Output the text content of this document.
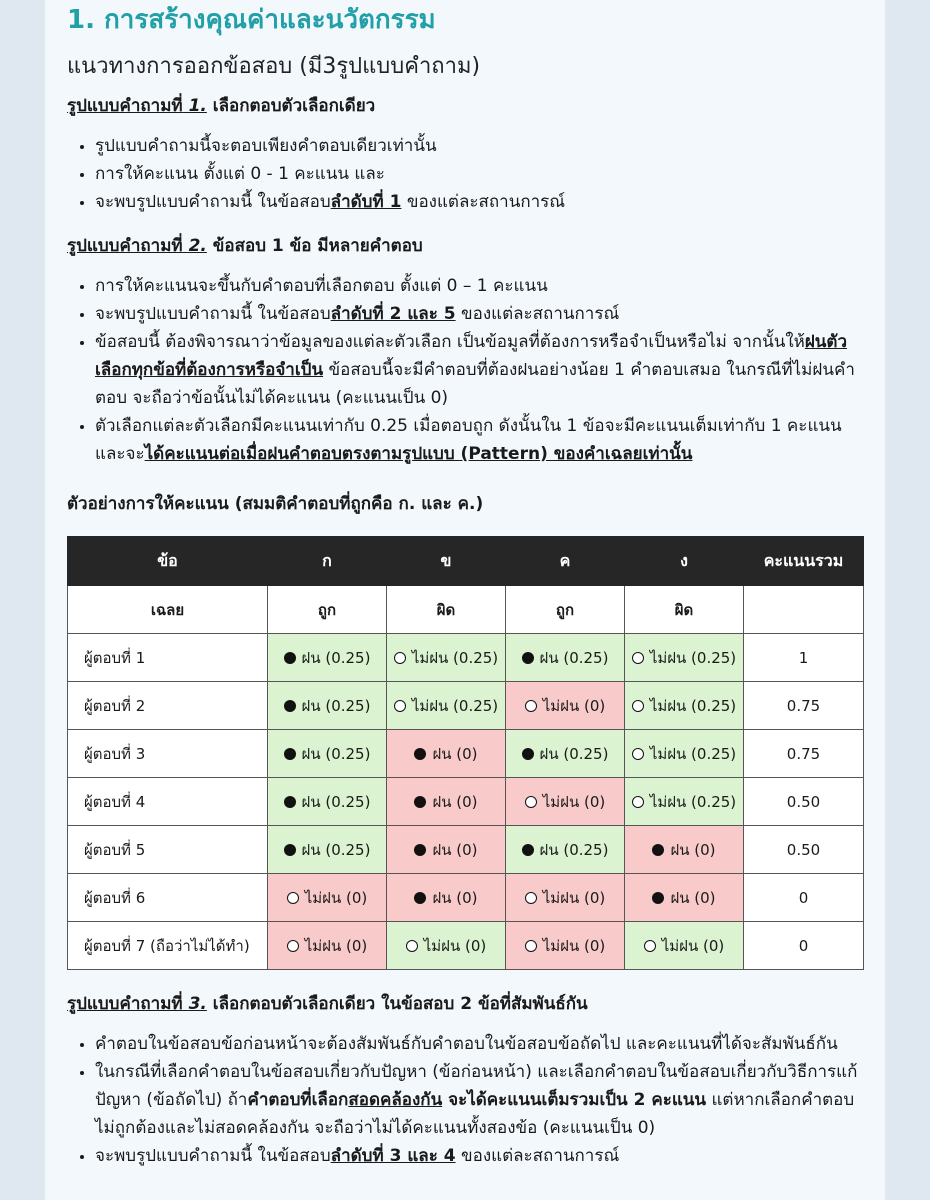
1. การสร้างคุณค่าและนวัตกรรม
แนวทางการออกข้อสอบ (มี3รูปแบบคำถาม)
รูปแบบคำถามที่ 1. เลือกตอบตัวเลือกเดียว
• รูปแบบคำถามนี้จะตอบเพียงคำตอบเดียวเท่านั้น
• การให้คะแนน ตั้งแต่ 0 - 1 คะแนน และ
• จะพบรูปแบบคำถามนี้ ในข้อสอบลำดับที่ 1 ของแต่ละสถานการณ์
รูปแบบคำถามที่ 2. ข้อสอบ 1 ข้อ มีหลายคำตอบ
• การให้คะแนนจะขึ้นกับคำตอบที่เลือกตอบ ตั้งแต่ 0 – 1 คะแนน
• จะพบรูปแบบคำถามนี้ ในข้อสอบลำดับที่ 2 และ 5 ของแต่ละสถานการณ์
• ข้อสอบนี้ ต้องพิจารณาว่าข้อมูลของแต่ละตัวเลือก เป็นข้อมูลที่ต้องการหรือจำเป็นหรือไม่ จากนั้นให้ฝนตัวเลือกทุกข้อที่ต้องการหรือจำเป็น ข้อสอบนี้จะมีคำตอบที่ต้องฝนอย่างน้อย 1 คำตอบเสมอ ในกรณีที่ไม่ฝนคำตอบ จะถือว่าข้อนั้นไม่ได้คะแนน (คะแนนเป็น 0)
• ตัวเลือกแต่ละตัวเลือกมีคะแนนเท่ากับ 0.25 เมื่อตอบถูก ดังนั้นใน 1 ข้อจะมีคะแนนเต็มเท่ากับ 1 คะแนน และจะได้คะแนนต่อเมื่อฝนคำตอบตรงตามรูปแบบ (Pattern) ของคำเฉลยเท่านั้น
ตัวอย่างการให้คะแนน (สมมติคำตอบที่ถูกคือ ก. และ ค.)
ข้อ	ก	ข	ค	ง	คะแนนรวม
เฉลย	ถูก	ผิด	ถูก	ผิด	
ผู้ตอบที่ 1	ฝน (0.25)	ไม่ฝน (0.25)	ฝน (0.25)	ไม่ฝน (0.25)	1
ผู้ตอบที่ 2	ฝน (0.25)	ไม่ฝน (0.25)	ไม่ฝน (0)	ไม่ฝน (0.25)	0.75
ผู้ตอบที่ 3	ฝน (0.25)	ฝน (0)	ฝน (0.25)	ไม่ฝน (0.25)	0.75
ผู้ตอบที่ 4	ฝน (0.25)	ฝน (0)	ไม่ฝน (0)	ไม่ฝน (0.25)	0.50
ผู้ตอบที่ 5	ฝน (0.25)	ฝน (0)	ฝน (0.25)	ฝน (0)	0.50
ผู้ตอบที่ 6	ไม่ฝน (0)	ฝน (0)	ไม่ฝน (0)	ฝน (0)	0
ผู้ตอบที่ 7 (ถือว่าไม่ได้ทำ)	ไม่ฝน (0)	ไม่ฝน (0)	ไม่ฝน (0)	ไม่ฝน (0)	0
รูปแบบคำถามที่ 3. เลือกตอบตัวเลือกเดียว ในข้อสอบ 2 ข้อที่สัมพันธ์กัน
• คำตอบในข้อสอบข้อก่อนหน้าจะต้องสัมพันธ์กับคำตอบในข้อสอบข้อถัดไป และคะแนนที่ได้จะสัมพันธ์กัน
• ในกรณีที่เลือกคำตอบในข้อสอบเกี่ยวกับปัญหา (ข้อก่อนหน้า) และเลือกคำตอบในข้อสอบเกี่ยวกับวิธีการแก้ปัญหา (ข้อถัดไป) ถ้าคำตอบที่เลือกสอดคล้องกัน จะได้คะแนนเต็มรวมเป็น 2 คะแนน แต่หากเลือกคำตอบไม่ถูกต้องและไม่สอดคล้องกัน จะถือว่าไม่ได้คะแนนทั้งสองข้อ (คะแนนเป็น 0)
• จะพบรูปแบบคำถามนี้ ในข้อสอบลำดับที่ 3 และ 4 ของแต่ละสถานการณ์
